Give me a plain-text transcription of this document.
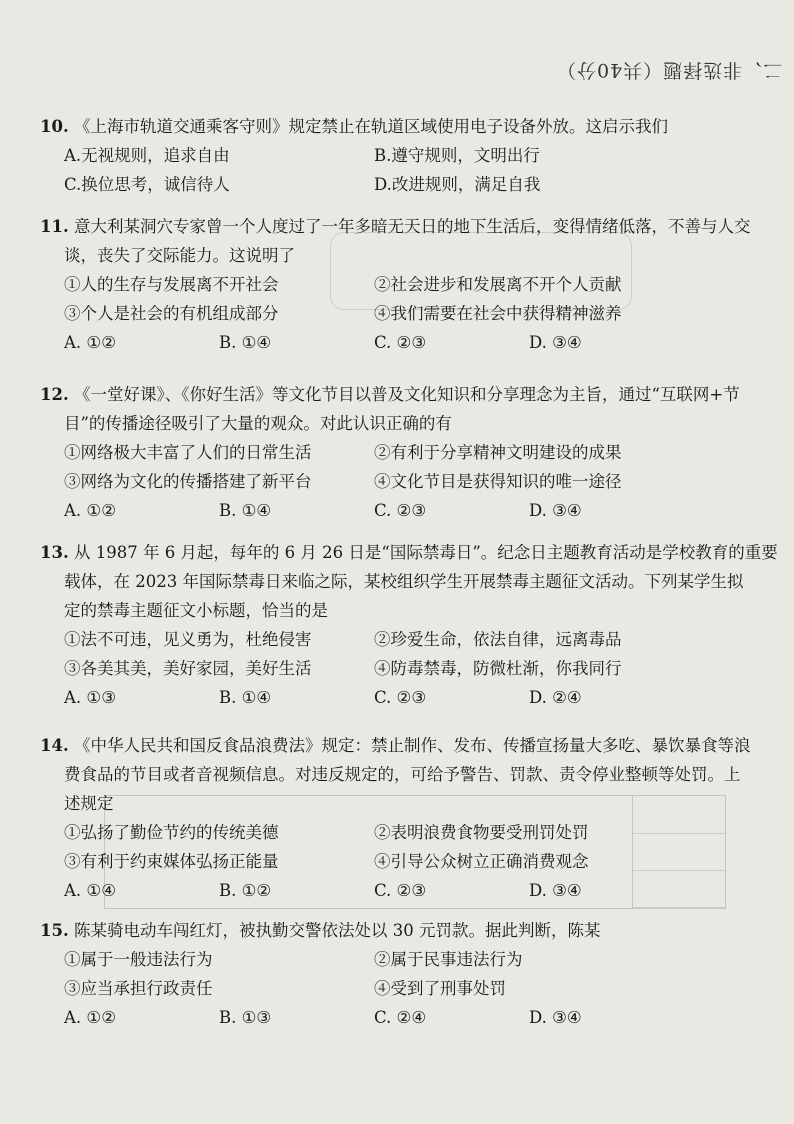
二、非选择题（共40分）
10. 《上海市轨道交通乘客守则》规定禁止在轨道区域使用电子设备外放。这启示我们
A.无视规则，追求自由	B.遵守规则，文明出行
C.换位思考，诚信待人	D.改进规则，满足自我
11. 意大利某洞穴专家曾一个人度过了一年多暗无天日的地下生活后，变得情绪低落，不善与人交
谈，丧失了交际能力。这说明了
①人的生存与发展离不开社会	②社会进步和发展离不开个人贡献
③个人是社会的有机组成部分	④我们需要在社会中获得精神滋养
A. ①②	B. ①④	C. ②③	D. ③④
12. 《一堂好课》、《你好生活》等文化节目以普及文化知识和分享理念为主旨，通过“互联网+节
目”的传播途径吸引了大量的观众。对此认识正确的有
①网络极大丰富了人们的日常生活	②有利于分享精神文明建设的成果
③网络为文化的传播搭建了新平台	④文化节目是获得知识的唯一途径
A. ①②	B. ①④	C. ②③	D. ③④
13. 从 1987 年 6 月起，每年的 6 月 26 日是“国际禁毒日”。纪念日主题教育活动是学校教育的重要
载体，在 2023 年国际禁毒日来临之际，某校组织学生开展禁毒主题征文活动。下列某学生拟
定的禁毒主题征文小标题，恰当的是
①法不可违，见义勇为，杜绝侵害	②珍爱生命，依法自律，远离毒品
③各美其美，美好家园，美好生活	④防毒禁毒，防微杜渐，你我同行
A. ①③	B. ①④	C. ②③	D. ②④
14. 《中华人民共和国反食品浪费法》规定：禁止制作、发布、传播宣扬量大多吃、暴饮暴食等浪
费食品的节目或者音视频信息。对违反规定的，可给予警告、罚款、责令停业整顿等处罚。上
述规定
①弘扬了勤俭节约的传统美德	②表明浪费食物要受刑罚处罚
③有利于约束媒体弘扬正能量	④引导公众树立正确消费观念
A. ①④	B. ①②	C. ②③	D. ③④
15. 陈某骑电动车闯红灯，被执勤交警依法处以 30 元罚款。据此判断，陈某
①属于一般违法行为	②属于民事违法行为
③应当承担行政责任	④受到了刑事处罚
A. ①②	B. ①③	C. ②④	D. ③④
